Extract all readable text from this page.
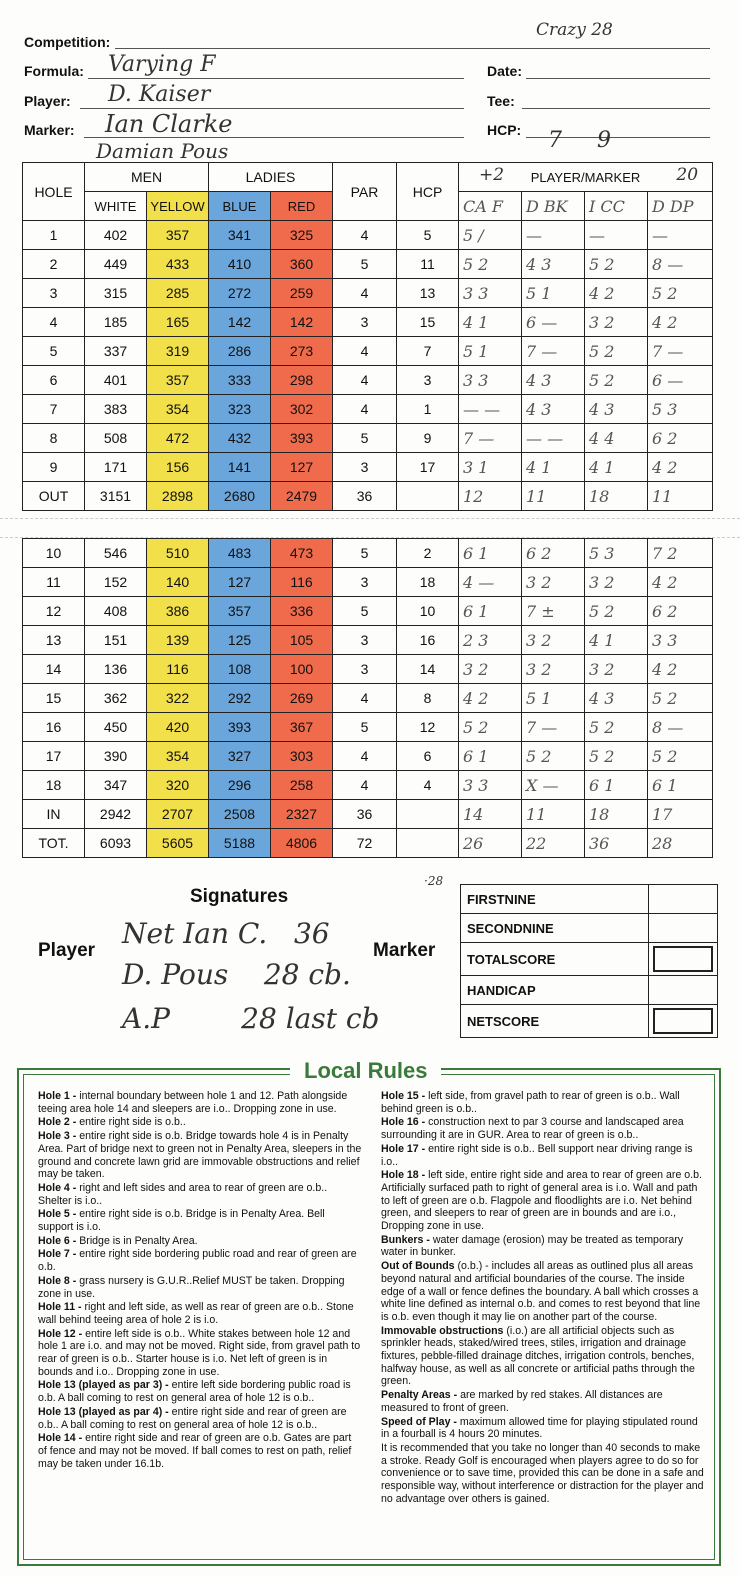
Competition:
Crazy 28
Formula: Varying F	Date:
Player: D. Kaiser	Tee:
Marker: Ian Clarke
Damian Pous
HCP: 7     9
HOLE	MEN		LADIES		PAR	HCP	+2 PLAYER/MARKER 20			

	WHITE	YELLOW	BLUE	RED			CA F	D BK	I CC	D DP
1	402	357	341	325	4	5	5 /	—	—	—
2	449	433	410	360	5	11	5 2	4 3	5 2	8 —
3	315	285	272	259	4	13	3 3	5 1	4 2	5 2
4	185	165	142	142	3	15	4 1	6 —	3 2	4 2
5	337	319	286	273	4	7	5 1	7 —	5 2	7 —
6	401	357	333	298	4	3	3 3	4 3	5 2	6 —
7	383	354	323	302	4	1	— —	4 3	4 3	5 3
8	508	472	432	393	5	9	7 —	— —	4 4	6 2
9	171	156	141	127	3	17	3 1	4 1	4 1	4 2
OUT	3151	2898	2680	2479	36		12	11	18	11
10	546	510	483	473	5	2	6 1	6 2	5 3	7 2
11	152	140	127	116	3	18	4 —	3 2	3 2	4 2
12	408	386	357	336	5	10	6 1	7 ±	5 2	6 2
13	151	139	125	105	3	16	2 3	3 2	4 1	3 3
14	136	116	108	100	3	14	3 2	3 2	3 2	4 2
15	362	322	292	269	4	8	4 2	5 1	4 3	5 2
16	450	420	393	367	5	12	5 2	7 —	5 2	8 —
17	390	354	327	303	4	6	6 1	5 2	5 2	5 2
18	347	320	296	258	4	4	3 3	X —	6 1	6 1
IN	2942	2707	2508	2327	36		14	11	18	17
TOT.	6093	5605	5188	4806	72		26	22	36	28
Signatures
Player	Marker
·28
Net Ian C.   36
D. Pous    28 cb.
A.P        28 last cb
FIRSTNINE	
SECONDNINE	
TOTALSCORE	

HANDICAP	
NETSCORE	
Local Rules

Hole 1 - internal boundary between hole 1 and 12. Path alongside teeing area hole 14 and sleepers are i.o.. Dropping zone in use.

Hole 2 - entire right side is o.b..

Hole 3 - entire right side is o.b. Bridge towards hole 4 is in Penalty Area. Part of bridge next to green not in Penalty Area, sleepers in the ground and concrete lawn grid are immovable obstructions and relief may be taken.

Hole 4 - right and left sides and area to rear of green are o.b.. Shelter is i.o..

Hole 5 - entire right side is o.b. Bridge is in Penalty Area. Bell support is i.o.

Hole 6 - Bridge is in Penalty Area.

Hole 7 - entire right side bordering public road and rear of green are o.b.

Hole 8 - grass nursery is G.U.R..Relief MUST be taken. Dropping zone in use.

Hole 11 - right and left side, as well as rear of green are o.b.. Stone wall behind teeing area of hole 2 is i.o.

Hole 12 - entire left side is o.b.. White stakes between hole 12 and hole 1 are i.o. and may not be moved. Right side, from gravel path to rear of green is o.b.. Starter house is i.o. Net left of green is in bounds and i.o.. Dropping zone in use.

Hole 13 (played as par 3) - entire left side bordering public road is o.b. A ball coming to rest on general area of hole 12 is o.b..

Hole 13 (played as par 4) - entire right side and rear of green are o.b.. A ball coming to rest on general area of hole 12 is o.b..

Hole 14 - entire right side and rear of green are o.b. Gates are part of fence and may not be moved. If ball comes to rest on path, relief may be taken under 16.1b.

Hole 15 - left side, from gravel path to rear of green is o.b.. Wall behind green is o.b..

Hole 16 - construction next to par 3 course and landscaped area surrounding it are in GUR. Area to rear of green is o.b..

Hole 17 - entire right side is o.b.. Bell support near driving range is i.o..

Hole 18 - left side, entire right side and area to rear of green are o.b. Artificially surfaced path to right of general area is i.o. Wall and path to left of green are o.b. Flagpole and floodlights are i.o. Net behind green, and sleepers to rear of green are in bounds and are i.o., Dropping zone in use.

Bunkers - water damage (erosion) may be treated as temporary water in bunker.

Out of Bounds (o.b.) - includes all areas as outlined plus all areas beyond natural and artificial boundaries of the course. The inside edge of a wall or fence defines the boundary. A ball which crosses a white line defined as internal o.b. and comes to rest beyond that line is o.b. even though it may lie on another part of the course.

Immovable obstructions (i.o.) are all artificial objects such as sprinkler heads, staked/wired trees, stiles, irrigation and drainage fixtures, pebble-filled drainage ditches, irrigation controls, benches, halfway house, as well as all concrete or artificial paths through the green.

Penalty Areas - are marked by red stakes. All distances are measured to front of green.

Speed of Play - maximum allowed time for playing stipulated round in a fourball is 4 hours 20 minutes.

It is recommended that you take no longer than 40 seconds to make a stroke. Ready Golf is encouraged when players agree to do so for convenience or to save time, provided this can be done in a safe and responsible way, without interference or distraction for the player and no advantage over others is gained.
